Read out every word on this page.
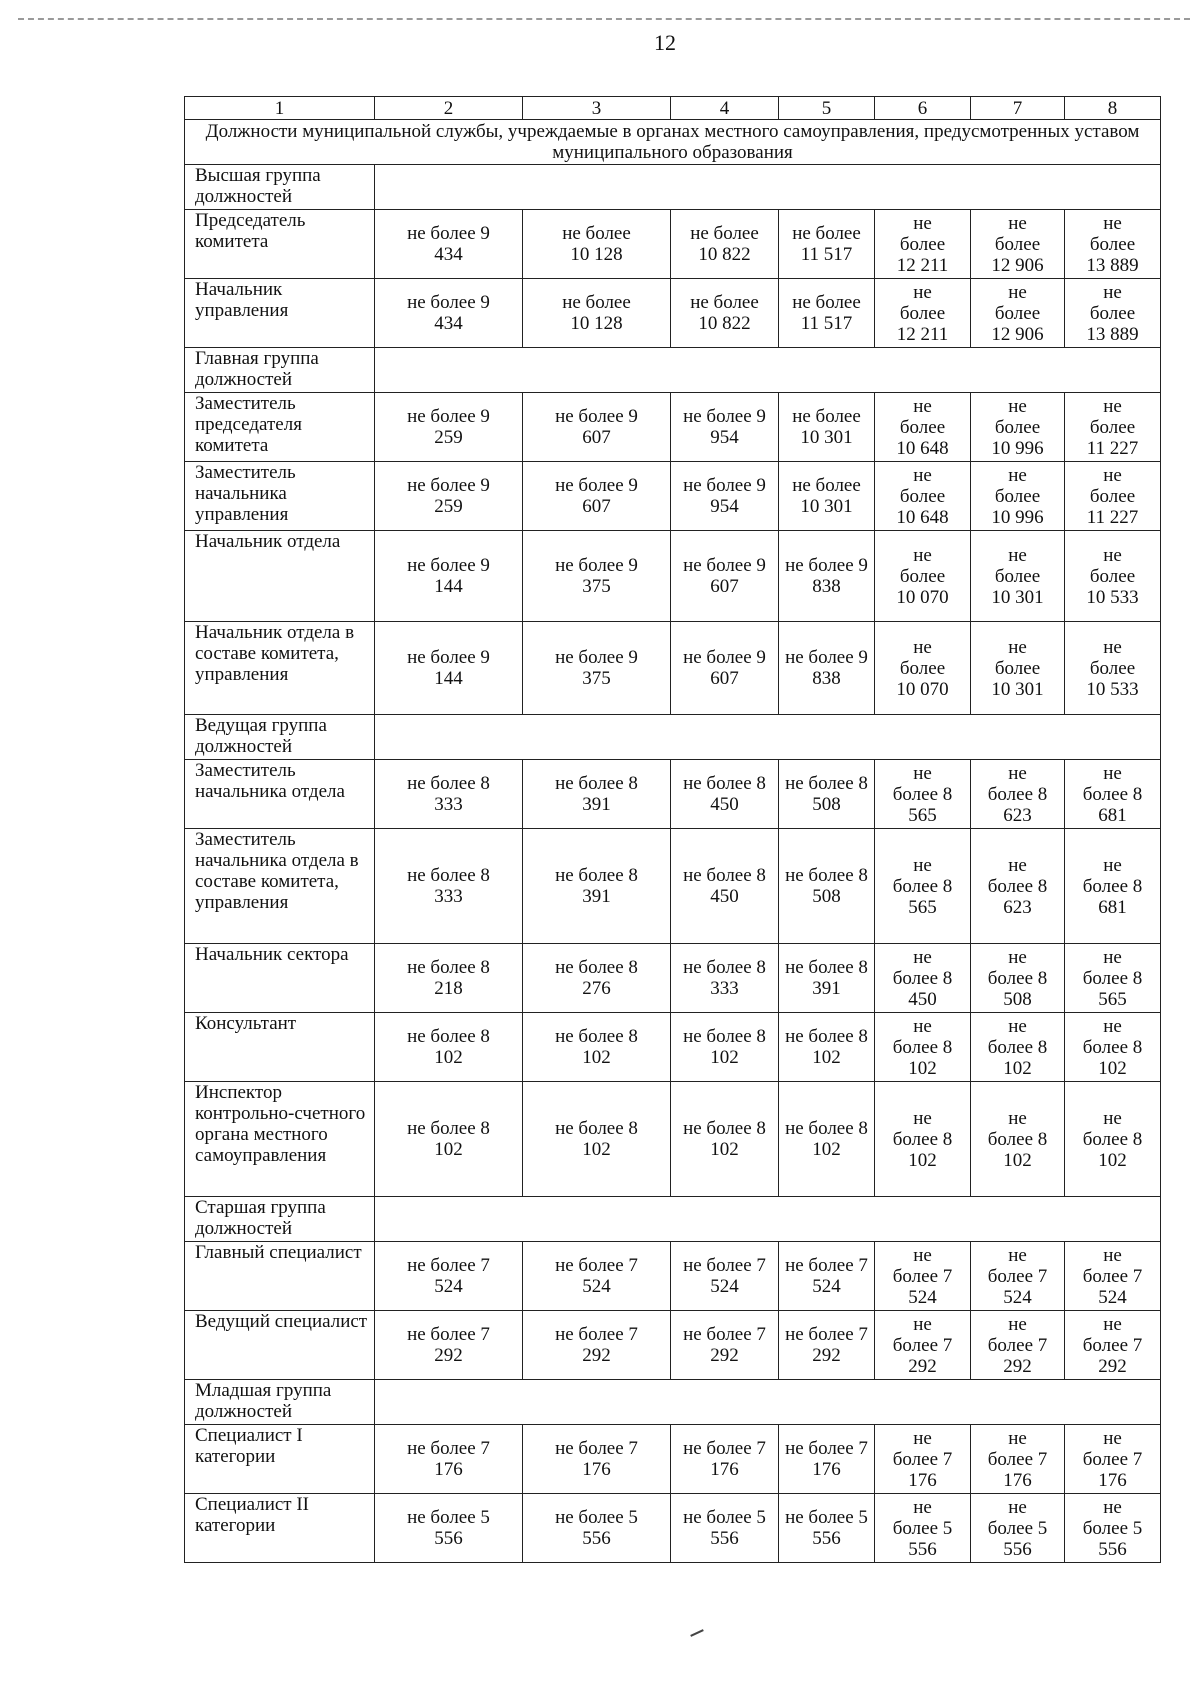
12
1	2	3	4	5	6	7	8
Должности муниципальной службы, учреждаемые в органах местного самоуправления, предусмотренных уставом муниципального образования							
Высшая группа должностей							
Председатель комитета	не более 9 434	не более 10 128	не более 10 822	не более 11 517	не более 12 211	не более 12 906	не более 13 889
Начальник управления	не более 9 434	не более 10 128	не более 10 822	не более 11 517	не более 12 211	не более 12 906	не более 13 889
Главная группа должностей							
Заместитель председателя комитета	не более 9 259	не более 9 607	не более 9 954	не более 10 301	не более 10 648	не более 10 996	не более 11 227
Заместитель начальника управления	не более 9 259	не более 9 607	не более 9 954	не более 10 301	не более 10 648	не более 10 996	не более 11 227
Начальник отдела	не более 9 144	не более 9 375	не более 9 607	не более 9 838	не более 10 070	не более 10 301	не более 10 533
Начальник отдела в составе комитета, управления	не более 9 144	не более 9 375	не более 9 607	не более 9 838	не более 10 070	не более 10 301	не более 10 533
Ведущая группа должностей							
Заместитель начальника отдела	не более 8 333	не более 8 391	не более 8 450	не более 8 508	не более 8 565	не более 8 623	не более 8 681
Заместитель начальника отдела в составе комитета, управления	не более 8 333	не более 8 391	не более 8 450	не более 8 508	не более 8 565	не более 8 623	не более 8 681
Начальник сектора	не более 8 218	не более 8 276	не более 8 333	не более 8 391	не более 8 450	не более 8 508	не более 8 565
Консультант	не более 8 102	не более 8 102	не более 8 102	не более 8 102	не более 8 102	не более 8 102	не более 8 102
Инспектор контрольно-счетного органа местного самоуправления	не более 8 102	не более 8 102	не более 8 102	не более 8 102	не более 8 102	не более 8 102	не более 8 102
Старшая группа должностей							
Главный специалист	не более 7 524	не более 7 524	не более 7 524	не более 7 524	не более 7 524	не более 7 524	не более 7 524
Ведущий специалист	не более 7 292	не более 7 292	не более 7 292	не более 7 292	не более 7 292	не более 7 292	не более 7 292
Младшая группа должностей							
Специалист I категории	не более 7 176	не более 7 176	не более 7 176	не более 7 176	не более 7 176	не более 7 176	не более 7 176
Специалист II категории	не более 5 556	не более 5 556	не более 5 556	не более 5 556	не более 5 556	не более 5 556	не более 5 556
